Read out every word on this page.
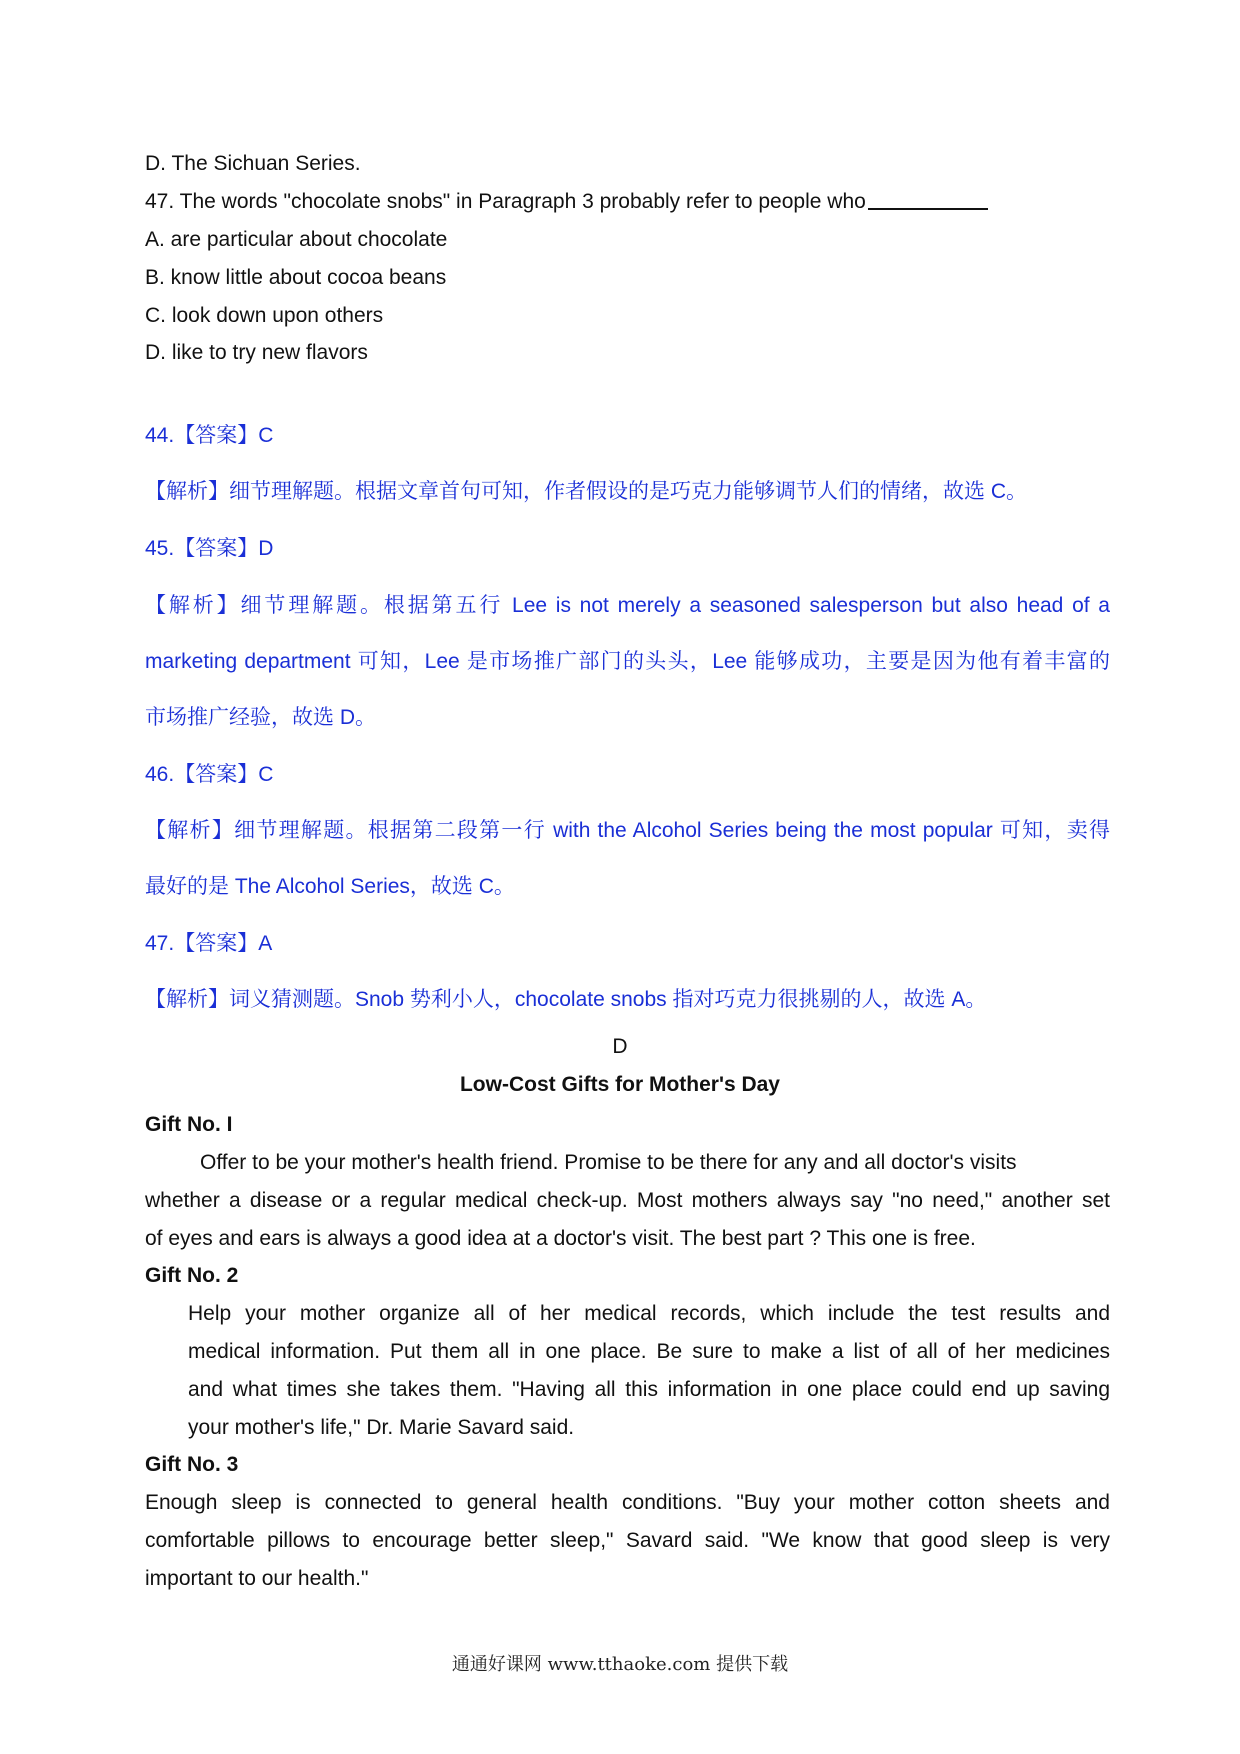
D. The Sichuan Series.
47. The words "chocolate snobs" in Paragraph 3 probably refer to people who
A. are particular about chocolate
B. know little about cocoa beans
C. look down upon others
D. like to try new flavors
44.【答案】C
【解析】细节理解题。根据文章首句可知，作者假设的是巧克力能够调节人们的情绪，故选 C。
45.【答案】D
【解析】细节理解题。根据第五行 Lee is not merely a seasoned salesperson but also head of a
marketing department 可知，Lee 是市场推广部门的头头，Lee 能够成功，主要是因为他有着丰富的
市场推广经验，故选 D。
46.【答案】C
【解析】细节理解题。根据第二段第一行 with the Alcohol Series being the most popular 可知，卖得
最好的是 The Alcohol Series，故选 C。
47.【答案】A
【解析】词义猜测题。Snob 势利小人，chocolate snobs 指对巧克力很挑剔的人，故选 A。
D
Low-Cost Gifts for Mother's Day
Gift No. I
Offer to be your mother's health friend. Promise to be there for any and all doctor's visits
whether a disease or a regular medical check-up. Most mothers always say "no need," another set
of eyes and ears is always a good idea at a doctor's visit. The best part ? This one is free.
Gift No. 2
Help your mother organize all of her medical records, which include the test results and
medical information. Put them all in one place. Be sure to make a list of all of her medicines
and what times she takes them. "Having all this information in one place could end up saving
your mother's life," Dr. Marie Savard said.
Gift No. 3
Enough sleep is connected to general health conditions. "Buy your mother cotton sheets and
comfortable pillows to encourage better sleep," Savard said. "We know that good sleep is very
important to our health."
通通好课网 www.tthaoke.com 提供下载
